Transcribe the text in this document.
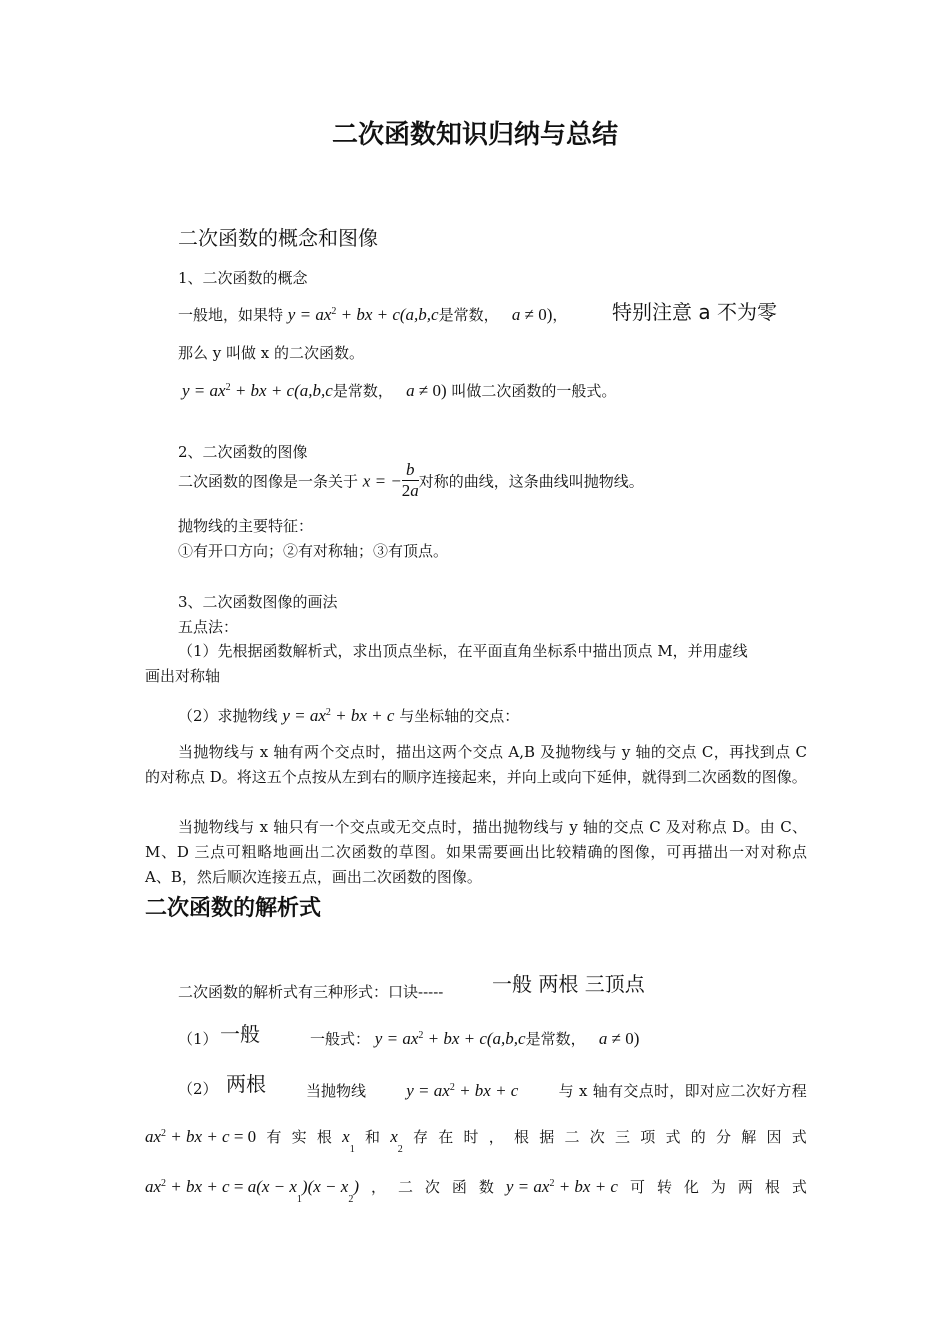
二次函数知识归纳与总结
二次函数的概念和图像
1、二次函数的概念
一般地，如果特 $y = ax^2$ + bx + c(a,b,c是常数，   a ≠ 0)， 特别注意 a 不为零
那么 y 叫做 x 的二次函数。
$y = ax^2$ + bx + c(a,b,c是常数，   a ≠ 0) 叫做二次函数的一般式。
2、二次函数的图像
二次函数的图像是一条关于 x = − $\frac{b}{2a}$ 对称的曲线，这条曲线叫抛物线。
抛物线的主要特征：
①有开口方向；②有对称轴；③有顶点。
3、二次函数图像的画法
五点法：
（1）先根据函数解析式，求出顶点坐标，在平面直角坐标系中描出顶点 M，并用虚线
画出对称轴
（2）求抛物线 $y = ax^2$ + bx + c 与坐标轴的交点：
当抛物线与 x 轴有两个交点时，描出这两个交点 A,B 及抛物线与 y 轴的交点 C，再找到点 C 的对称点 D。将这五个点按从左到右的顺序连接起来，并向上或向下延伸，就得到二次函数的图像。
当抛物线与 x 轴只有一个交点或无交点时，描出抛物线与 y 轴的交点 C 及对称点 D。由 C、M、D 三点可粗略地画出二次函数的草图。如果需要画出比较精确的图像，可再描出一对对称点 A、B，然后顺次连接五点，画出二次函数的图像。
二次函数的解析式
二次函数的解析式有三种形式：口诀----- 一般 两根 三顶点
（1） 一般	一般式： $y = ax^2$ + bx + c(a,b,c是常数，   a ≠ 0)
（2） 两根	当抛物线 $y = ax^2$ + bx + c	与 x 轴有交点时，即对应二次好方程
$ax^2$ + bx + c = 0 有 实 根 $x_1$
和 $x_2$
存 在 时 ， 根 据 二 次 三 项 式 的 分 解 因 式
$ax^2$ + bx + $c = a(x - x_1)(x - x_2)$ ， 二 次 函 数 $y = ax^2$ + bx + c 可 转 化 为 两 根 式
